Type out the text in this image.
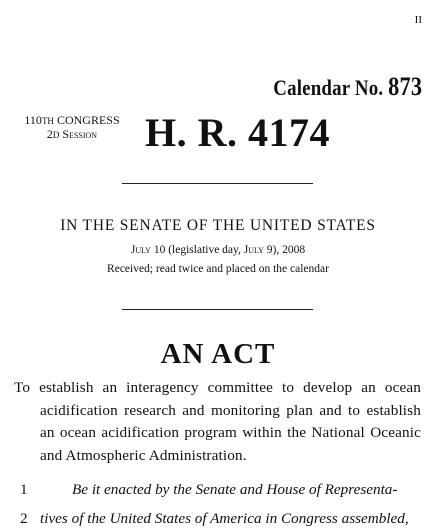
II
Calendar No. 873
110TH CONGRESS
2D Session	H. R. 4174
IN THE SENATE OF THE UNITED STATES
July 10 (legislative day, July 9), 2008
Received; read twice and placed on the calendar
AN ACT
To establish an interagency committee to develop an ocean acidification research and monitoring plan and to establish an ocean acidification program within the National Oceanic and Atmospheric Administration.
1	Be it enacted by the Senate and House of Representa-
2 tives of the United States of America in Congress assembled,
